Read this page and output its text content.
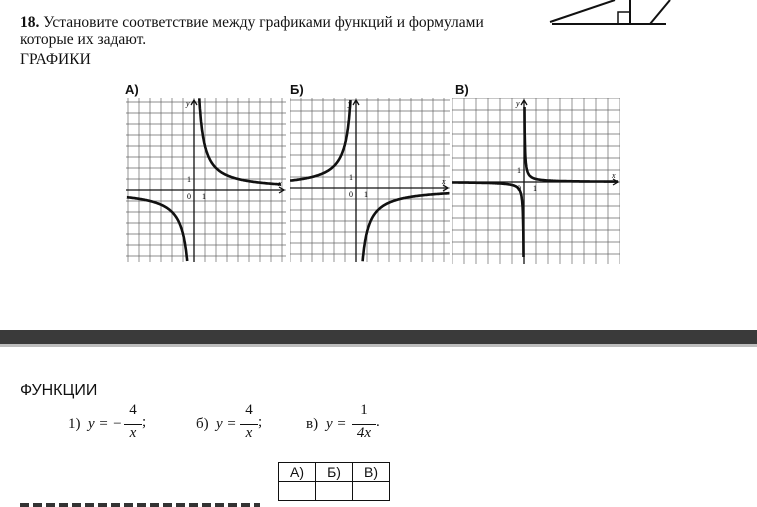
18. Установите соответствие между графиками функций и формулами которые их задают.
ГРАФИКИ
А)	Б)	В)
x
y
0 1
1	x
y
0 1
1	x
y
0 1
1
ФУНКЦИИ
1) y = −
4
x
;	б) y =
4
x
;	в) y =
1
4x
.
А)	Б)	В)
